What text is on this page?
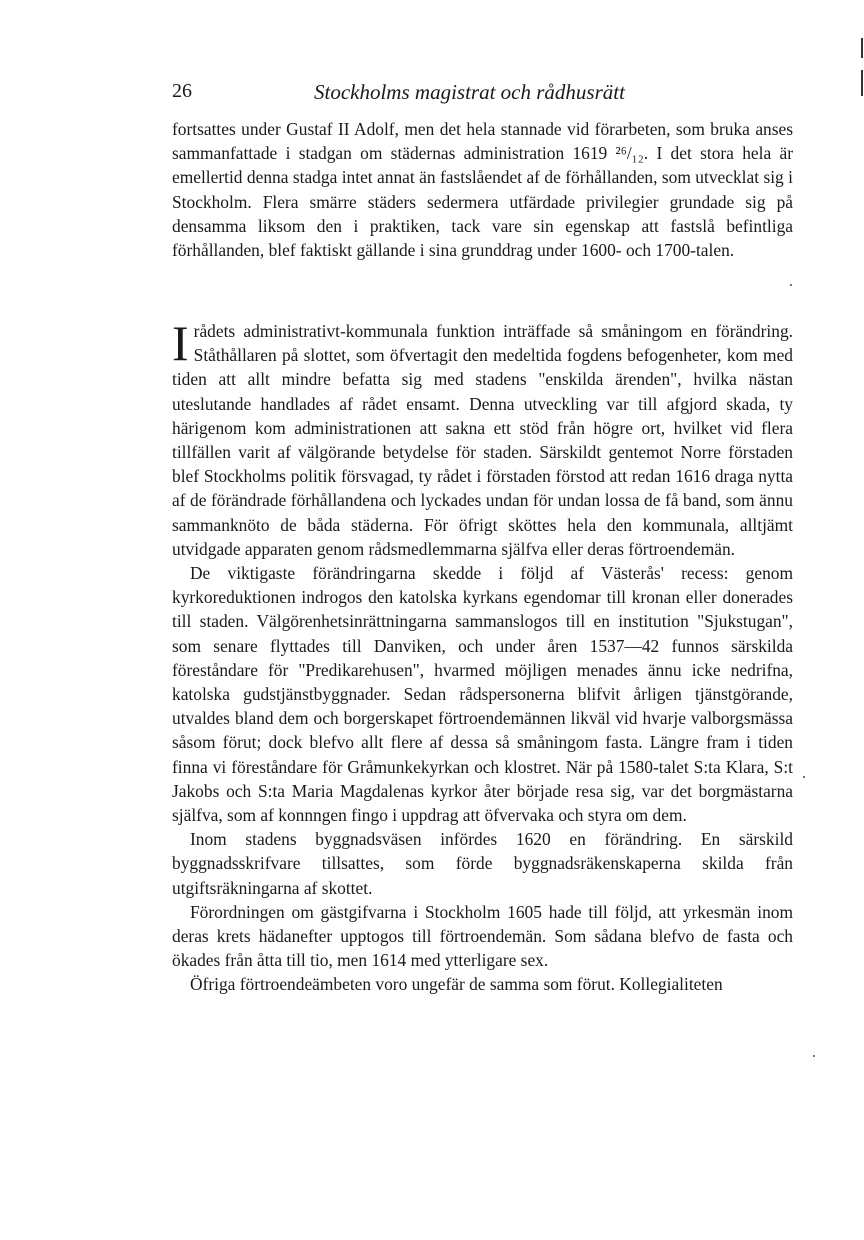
26	Stockholms magistrat och rådhusrätt

fortsattes under Gustaf II Adolf, men det hela stannade vid förarbeten, som bruka anses sammanfattade i stadgan om städernas administration 1619 ²⁶/₁₂. I det stora hela är emellertid denna stadga intet annat än fastslåendet af de förhållanden, som utvecklat sig i Stockholm. Flera smärre städers sedermera utfärdade privilegier grundade sig på densamma liksom den i praktiken, tack vare sin egenskap att fastslå befintliga förhållanden, blef faktiskt gällande i sina grunddrag under 1600- och 1700-talen.

Irådets administrativt-kommunala funktion inträffade så småningom en förändring. Ståthållaren på slottet, som öfvertagit den medeltida fogdens befogenheter, kom med tiden att allt mindre befatta sig med stadens "enskilda ärenden", hvilka nästan uteslutande handlades af rådet ensamt. Denna utveckling var till afgjord skada, ty härigenom kom administrationen att sakna ett stöd från högre ort, hvilket vid flera tillfällen varit af välgörande betydelse för staden. Särskildt gentemot Norre förstaden blef Stockholms politik försvagad, ty rådet i förstaden förstod att redan 1616 draga nytta af de förändrade förhållandena och lyckades undan för undan lossa de få band, som ännu sammanknöto de båda städerna. För öfrigt sköttes hela den kommunala, alltjämt utvidgade apparaten genom rådsmedlemmarna själfva eller deras förtroendemän.

De viktigaste förändringarna skedde i följd af Västerås' recess: genom kyrkoreduktionen indrogos den katolska kyrkans egendomar till kronan eller donerades till staden. Välgörenhetsinrättningarna sammanslogos till en institution "Sjukstugan", som senare flyttades till Danviken, och under åren 1537—42 funnos särskilda föreståndare för "Predikarehusen", hvarmed möjligen menades ännu icke nedrifna, katolska gudstjänstbyggnader. Sedan rådspersonerna blifvit årligen tjänstgörande, utvaldes bland dem och borgerskapet förtroendemännen likväl vid hvarje valborgsmässa såsom förut; dock blefvo allt flere af dessa så småningom fasta. Längre fram i tiden finna vi föreståndare för Gråmunkekyrkan och klostret. När på 1580-talet S:ta Klara, S:t Jakobs och S:ta Maria Magdalenas kyrkor åter började resa sig, var det borgmästarna själfva, som af konnngen fingo i uppdrag att öfvervaka och styra om dem.

Inom stadens byggnadsväsen infördes 1620 en förändring. En särskild byggnadsskrifvare tillsattes, som förde byggnadsräkenskaperna skilda från utgiftsräkningarna af skottet.

Förordningen om gästgifvarna i Stockholm 1605 hade till följd, att yrkesmän inom deras krets hädanefter upptogos till förtroendemän. Som sådana blefvo de fasta och ökades från åtta till tio, men 1614 med ytterligare sex.

Öfriga förtroendeämbeten voro ungefär de samma som förut. Kollegialiteten
